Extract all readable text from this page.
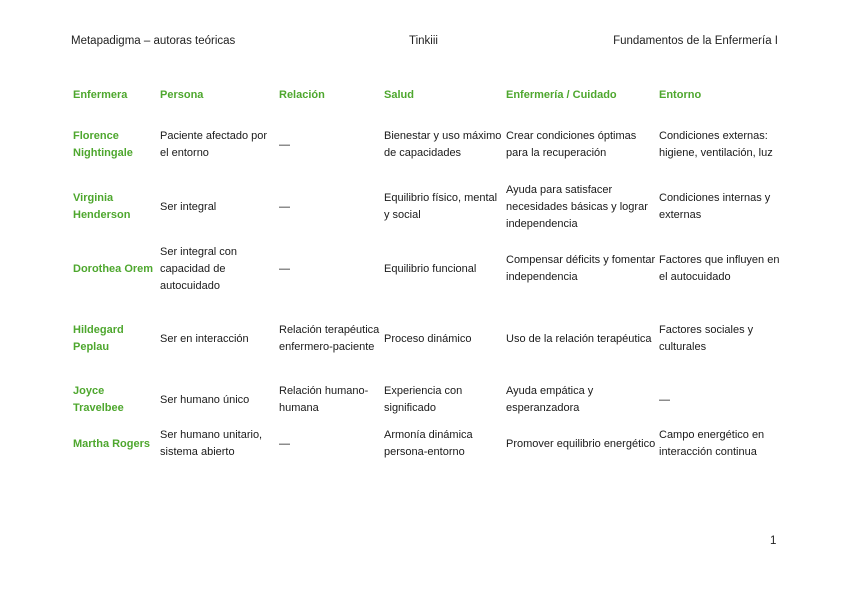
Metapadigma – autoras teóricas	Tinkiii	Fundamentos de la Enfermería I
Enfermera	Persona	Relación	Salud	Enfermería / Cuidado	Entorno
Florence Nightingale	Paciente afectado por el entorno	—	Bienestar y uso máximo de capacidades	Crear condiciones óptimas para la recuperación	Condiciones externas: higiene, ventilación, luz
Virginia Henderson	Ser integral	—	Equilibrio físico, mental y social	Ayuda para satisfacer necesidades básicas y lograr independencia	Condiciones internas y externas
Dorothea Orem	Ser integral con capacidad de autocuidado	—	Equilibrio funcional	Compensar déficits y fomentar independencia	Factores que influyen en el autocuidado
Hildegard Peplau	Ser en interacción	Relación terapéutica enfermero-paciente	Proceso dinámico	Uso de la relación terapéutica	Factores sociales y culturales
Joyce Travelbee	Ser humano único	Relación humano-humana	Experiencia con significado	Ayuda empática y esperanzadora	—
Martha Rogers	Ser humano unitario, sistema abierto	—	Armonía dinámica persona-entorno	Promover equilibrio energético	Campo energético en interacción continua
1
